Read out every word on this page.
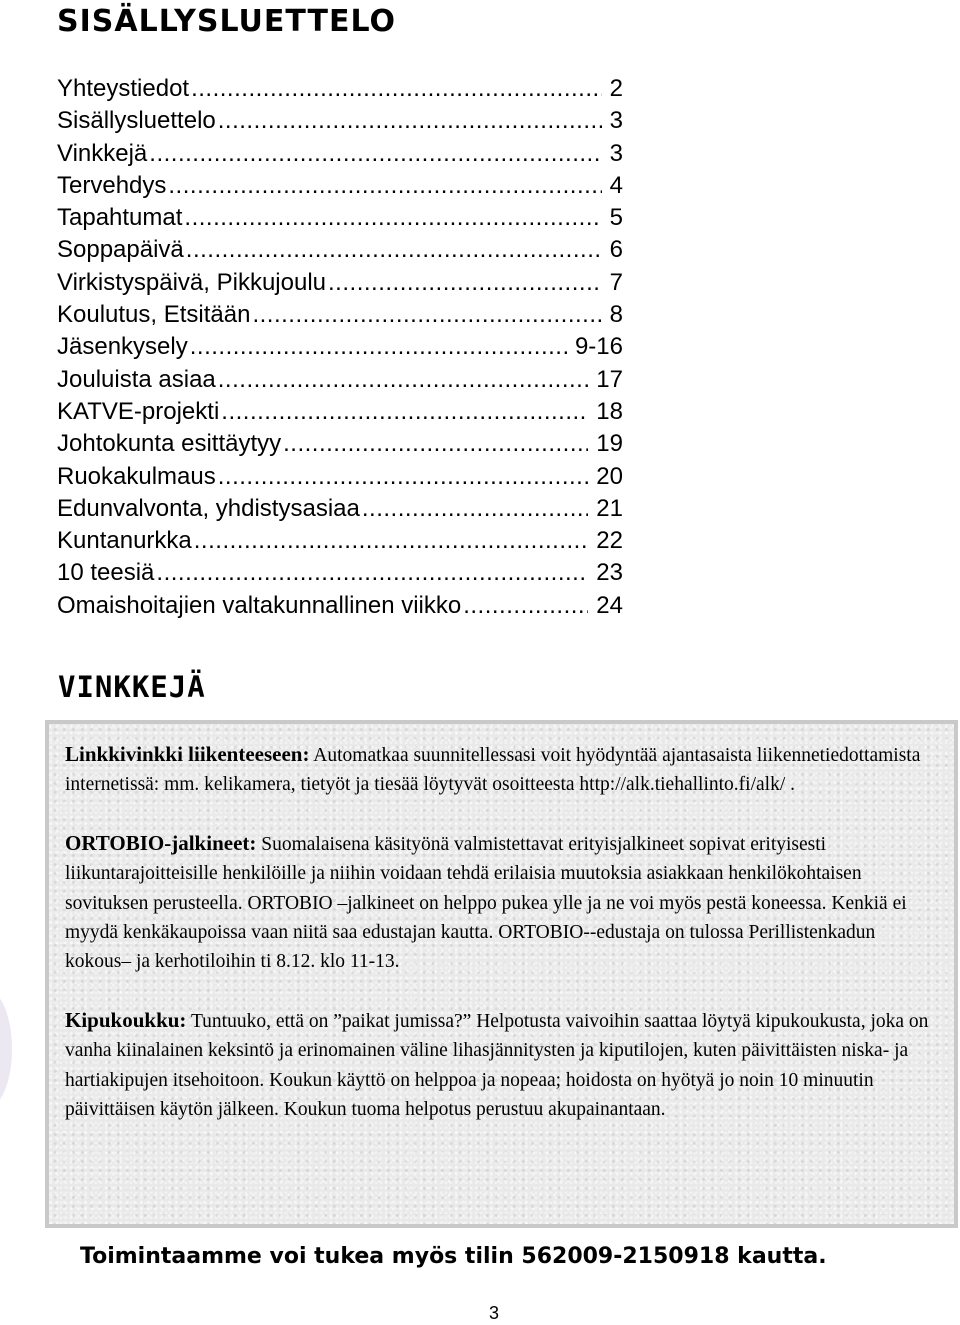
SISÄLLYSLUETTELO
Yhteystiedot .....	2
Sisällysluettelo .....	3
Vinkkejä .....	3
Tervehdys .....	4
Tapahtumat .....	5
Soppapäivä .....	6
Virkistyspäivä, Pikkujoulu .....	7
Koulutus, Etsitään .....	8
Jäsenkysely .....	9-16
Jouluista asiaa .....	17
KATVE-projekti .....	18
Johtokunta esittäytyy .....	19
Ruokakulmaus .....	20
Edunvalvonta, yhdistysasiaa .....	21
Kuntanurkka .....	22
10 teesiä .....	23
Omaishoitajien valtakunnallinen viikko .....	24
VINKKEJÄ

Linkkivinkki liikenteeseen: Automatkaa suunnitellessasi voit hyödyntää ajantasaista liikennetiedottamista internetissä: mm. kelikamera, tietyöt ja tiesää löytyvät osoitteesta http://alk.tiehallinto.fi/alk/ .

ORTOBIO-jalkineet: Suomalaisena käsityönä valmistettavat erityisjalkineet sopivat erityisesti liikuntarajoitteisille henkilöille ja niihin voidaan tehdä erilaisia muutoksia asiakkaan henkilökohtaisen sovituksen perusteella. ORTOBIO –jalkineet on helppo pukea ylle ja ne voi myös pestä koneessa. Kenkiä ei myydä kenkäkaupoissa vaan niitä saa edustajan kautta. ORTOBIO--edustaja on tulossa Perillistenkadun kokous– ja kerhotiloihin ti 8.12. klo 11-13.

Kipukoukku: Tuntuuko, että on ”paikat jumissa?” Helpotusta vaivoihin saattaa löytyä kipukoukusta, joka on vanha kiinalainen keksintö ja erinomainen väline lihasjännitysten ja kiputilojen, kuten päivittäisten niska- ja hartiakipujen itsehoitoon. Koukun käyttö on helppoa ja nopeaa; hoidosta on hyötyä jo noin 10 minuutin päivittäisen käytön jälkeen. Koukun tuoma helpotus perustuu akupainantaan.

Toimintaamme voi tukea myös tilin 562009-2150918 kautta.

3
